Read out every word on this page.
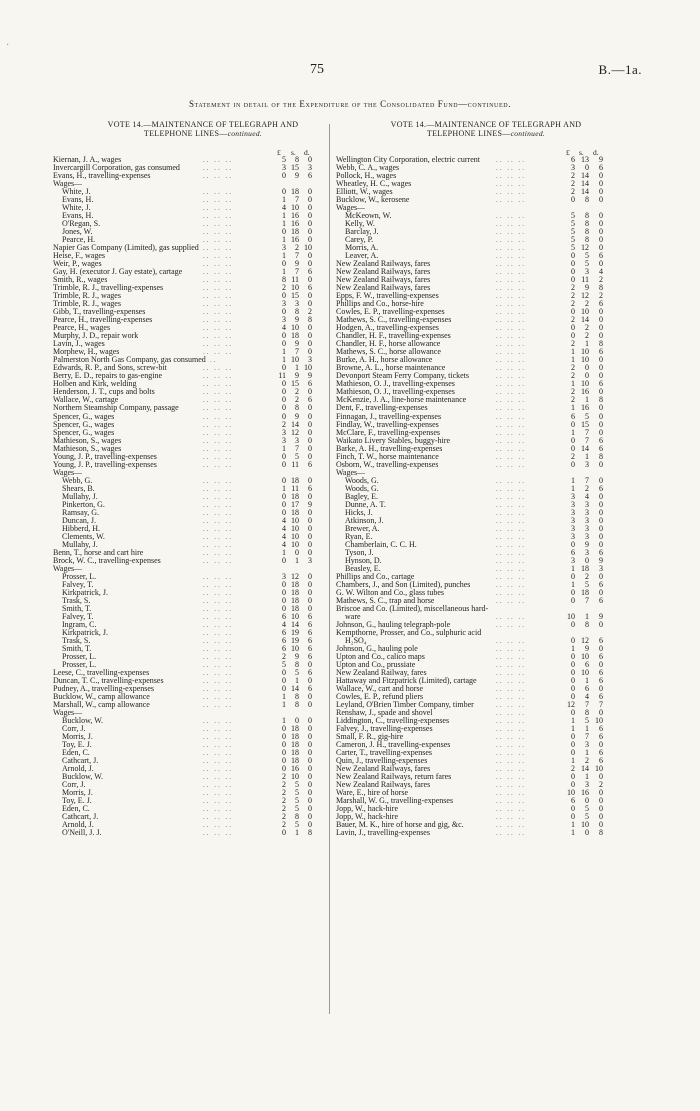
·
75	B.—1a.
Statement in detail of the Expenditure of the Consolidated Fund—continued.
VOTE 14.—MAINTENANCE OF TELEGRAPH AND
TELEPHONE LINES—continued.
£ s. d.
Kiernan, J. A., wages	.. .. ..	5	8	0
Invercargill Corporation, gas consumed	.. .. ..	3 15	3
Evans, H., travelling-expenses	.. .. ..	0	9	6
Wages—
White, J.	.. .. ..	0 18	0
Evans, H.	.. .. ..	1	7	0
White, J.	.. .. ..	4 10	0
Evans, H.	.. .. ..	1 16	0
O'Regan, S.	.. .. ..	1 16	0
Jones, W.	.. .. ..	0 18	0
Pearce, H.	.. .. ..	1 16	0
Napier Gas Company (Limited), gas supplied .. .. ..	3	2 10
Heise, F., wages	.. .. ..	1	7	0
Weir, P., wages	.. .. ..	0	9	0
Gay, H. (executor J. Gay estate), cartage	.. .. ..	1	7	6
Smith, R., wages	.. .. ..	8 11	0
Trimble, R. J., travelling-expenses	.. .. ..	2 10	6
Trimble, R. J., wages	.. .. ..	0 15	0
Trimble, R. J., wages	.. .. ..	3	3	0
Gibb, T., travelling-expenses	.. .. ..	0	8	2
Pearce, H., travelling-expenses	.. .. ..	3	9	8
Pearce, H., wages	.. .. ..	4 10	0
Murphy, J. D., repair work	.. .. ..	0 18	0
Lavin, J., wages	.. .. ..	0	9	0
Morphew, H., wages	.. .. ..	1	7	0
Palmerston North Gas Company, gas consumed ..	1 10	3
Edwards, R. P., and Sons, screw-bit	.. .. ..	0	1 10
Berry, E. D., repairs to gas-engine	.. .. ..	11	9	9
Holben and Kirk, welding	.. .. ..	0 15	6
Henderson, J. T., cups and bolts	.. .. ..	0	2	0
Wallace, W., cartage	.. .. ..	0	2	6
Northern Steamship Company, passage	.. .. ..	0	8	0
Spencer, G., wages	.. .. ..	0	9	0
Spencer, G., wages	.. .. ..	2 14	0
Spencer, G., wages	.. .. ..	3 12	0
Mathieson, S., wages	.. .. ..	3	3	0
Mathieson, S., wages	.. .. ..	1	7	0
Young, J. P., travelling-expenses	.. .. ..	0	5	0
Young, J. P., travelling-expenses	.. .. ..	0 11	6
Wages—
Webb, G.	.. .. ..	0 18	0
Shears, B.	.. .. ..	1 11	6
Mullahy, J.	.. .. ..	0 18	0
Pinkerton, G.	.. .. ..	0 17	9
Ramsay, G.	.. .. ..	0 18	0
Duncan, J.	.. .. ..	4 10	0
Hibberd, H.	.. .. ..	4 10	0
Clements, W.	.. .. ..	4 10	0
Mullahy, J.	.. .. ..	4 10	0
Benn, T., horse and cart hire	.. .. ..	1	0	0
Brock, W. C., travelling-expenses	.. .. ..	0	1	3
Wages—
Prosser, L.	.. .. ..	3 12	0
Falvey, T.	.. .. ..	0 18	0
Kirkpatrick, J.	.. .. ..	0 18	0
Trask, S.	.. .. ..	0 18	0
Smith, T.	.. .. ..	0 18	0
Falvey, T.	.. .. ..	6 10	6
Ingram, C.	.. .. ..	4 14	6
Kirkpatrick, J.	.. .. ..	6 19	6
Trask, S.	.. .. ..	6 19	6
Smith, T.	.. .. ..	6 10	6
Prosser, L.	.. .. ..	2	9	6
Prosser, L.	.. .. ..	5	8	0
Leese, C., travelling-expenses	.. .. ..	0	5	6
Duncan, T. C., travelling-expenses	.. .. ..	0	1	0
Pudney, A., travelling-expenses	.. .. ..	0 14	6
Bucklow, W., camp allowance	.. .. ..	1	8	0
Marshall, W., camp allowance	.. .. ..	1	8	0
Wages—
Bucklow, W.	.. .. ..	1	0	0
Corr, J.	.. .. ..	0 18	0
Morris, J.	.. .. ..	0 18	0
Toy, E. J.	.. .. ..	0 18	0
Eden, C.	.. .. ..	0 18	0
Cathcart, J.	.. .. ..	0 18	0
Arnold, J.	.. .. ..	0 16	0
Bucklow, W.	.. .. ..	2 10	0
Corr, J.	.. .. ..	2	5	0
Morris, J.	.. .. ..	2	5	0
Toy, E. J.	.. .. ..	2	5	0
Eden, C.	.. .. ..	2	5	0
Cathcart, J.	.. .. ..	2	8	0
Arnold, J.	.. .. ..	2	5	0
O'Neill, J. J.	.. .. ..	0	1	8
VOTE 14.—MAINTENANCE OF TELEGRAPH AND
TELEPHONE LINES—continued.
£ s. d.
Wellington City Corporation, electric current .. .. ..	6 13	9
Webb, C. A., wages	.. .. ..	3	0	6
Pollock, H., wages	.. .. ..	2 14	0
Wheatley, H. C., wages	.. .. ..	2 14	0
Elliott, W., wages	.. .. ..	2 14	0
Bucklow, W., kerosene	.. .. ..	0	8	0
Wages—
McKeown, W.	.. .. ..	5	8	0
Kelly, W.	.. .. ..	5	8	0
Barclay, J.	.. .. ..	5	8	0
Carey, P.	.. .. ..	5	8	0
Morris, A.	.. .. ..	5 12	0
Leaver, A.	.. .. ..	0	5	6
New Zealand Railways, fares	.. .. ..	0	5	0
New Zealand Railways, fares	.. .. ..	0	3	4
New Zealand Railways, fares	.. .. ..	0 11	2
New Zealand Railways, fares	.. .. ..	2	9	8
Epps, F. W., travelling-expenses	.. .. ..	2 12	2
Phillips and Co., horse-hire	.. .. ..	2	2	6
Cowles, E. P., travelling-expenses	.. .. ..	0 10	0
Mathews, S. C., travelling-expenses	.. .. ..	2 14	0
Hodgen, A., travelling-expenses	.. .. ..	0	2	0
Chandler, H. F., travelling-expenses	.. .. ..	0	2	0
Chandler, H. F., horse allowance	.. .. ..	2	1	8
Mathews, S. C., horse allowance	.. .. ..	1 10	6
Burke, A. H., horse allowance	.. .. ..	1 10	0
Browne, A. L., horse maintenance	.. .. ..	2	0	0
Devonport Steam Ferry Company, tickets	.. .. ..	2	0	0
Mathieson, O. J., travelling-expenses	.. .. ..	1 10	6
Mathieson, O. J., travelling-expenses	.. .. ..	2 16	0
McKenzie, J. A., line-horse maintenance	.. .. ..	2	1	8
Dent, F., travelling-expenses	.. .. ..	1 16	0
Finnagan, J., travelling-expenses	.. .. ..	6	5	0
Findlay, W., travelling-expenses	.. .. ..	0 15	0
McClare, F., travelling-expenses	.. .. ..	1	7	0
Waikato Livery Stables, buggy-hire	.. .. ..	0	7	6
Barke, A. H., travelling-expenses	.. .. ..	0 14	6
Finch, T. W., horse maintenance	.. .. ..	2	1	8
Osborn, W., travelling-expenses	.. .. ..	0	3	0
Wages—
Woods, G.	.. .. ..	1	7	0
Woods, G.	.. .. ..	1	2	6
Bagley, E.	.. .. ..	3	4	0
Dunne, A. T.	.. .. ..	3	3	0
Hicks, J.	.. .. ..	3	3	0
Atkinson, J.	.. .. ..	3	3	0
Brewer, A.	.. .. ..	3	3	0
Ryan, E.	.. .. ..	3	3	0
Chamberlain, C. C. H.	.. .. ..	0	9	0
Tyson, J.	.. .. ..	6	3	6
Hynson, D.	.. .. ..	3	0	9
Beasley, E.	.. .. ..	1 18	3
Phillips and Co., cartage	.. .. ..	0	2	0
Chambers, J., and Son (Limited), punches	.. .. ..	1	5	6
G. W. Wilton and Co., glass tubes	.. .. ..	0 18	0
Mathews, S. C., trap and horse	.. .. ..	0	7	6
Briscoe and Co. (Limited), miscellaneous hard-
ware	.. .. ..	10	1	9
Johnson, G., hauling telegraph-pole	.. .. ..	0	8	0
Kempthorne, Prosser, and Co., sulphuric acid
H₂SO₄	.. .. ..	0 12	6
Johnson, G., hauling pole	.. .. ..	1	9	0
Upton and Co., calico maps	.. .. ..	0 10	6
Upton and Co., prussiate	.. .. ..	0	6	0
New Zealand Railway, fares	.. .. ..	0 10	6
Hattaway and Fitzpatrick (Limited), cartage	.. .. ..	0	1	6
Wallace, W., cart and horse	.. .. ..	0	6	0
Cowles, E. P., refund pliers	.. .. ..	0	4	6
Leyland, O'Brien Timber Company, timber	.. .. ..	12	7	7
Renshaw, J., spade and shovel	.. .. ..	0	8	0
Liddington, C., travelling-expenses	.. .. ..	1	5 10
Falvey, J., travelling-expenses	.. .. ..	1	1	6
Small, F. R., gig-hire	.. .. ..	0	7	6
Cameron, J. H., travelling-expenses	.. .. ..	0	3	0
Carter, T., travelling-expenses	.. .. ..	0	1	6
Quin, J., travelling-expenses	.. .. ..	1	2	6
New Zealand Railways, fares	.. .. ..	2 14 10
New Zealand Railways, return fares	.. .. ..	0	1	0
New Zealand Railways, fares	.. .. ..	0	3	2
Ware, E., hire of horse	.. .. ..	10 16	0
Marshall, W. G., travelling-expenses	.. .. ..	6	0	0
Jopp, W., hack-hire	.. .. ..	0	5	0
Jopp, W., hack-hire	.. .. ..	0	5	0
Bauer, M. K., hire of horse and gig, &c.	.. .. ..	1 10	0
Lavin, J., travelling-expenses	.. .. ..	1	0	8
